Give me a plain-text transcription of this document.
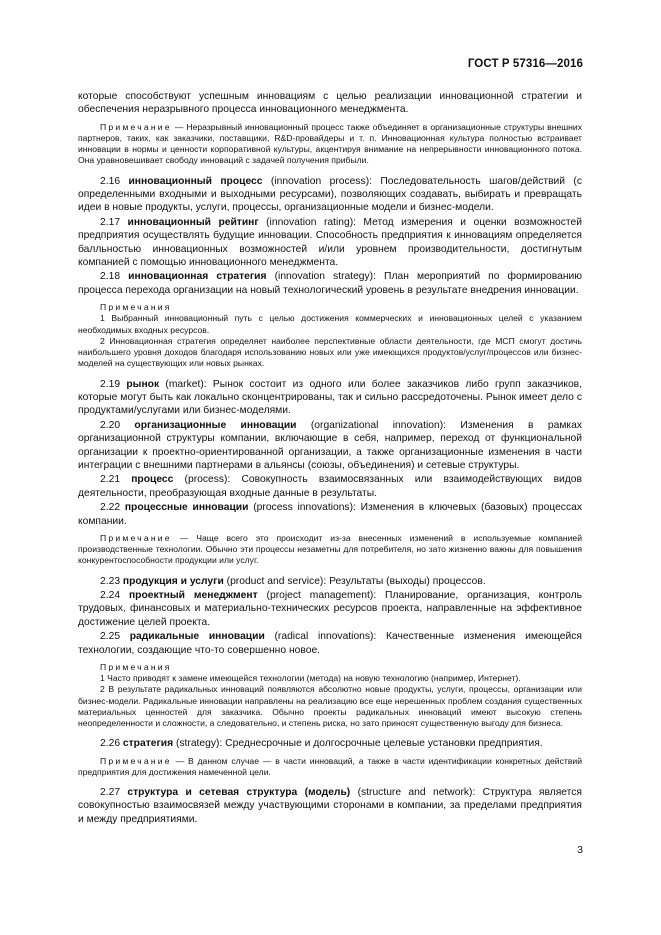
ГОСТ Р 57316—2016

которые способствуют успешным инновациям с целью реализации инновационной стратегии и обеспечения неразрывного процесса инновационного менеджмента.

Примечание — Неразрывный инновационный процесс также объединяет в организационные структуры внешних партнеров, таких, как заказчики, поставщики, R&D-провайдеры и т. п. Инновационная культура полностью встраивает инновации в нормы и ценности корпоративной культуры, акцентируя внимание на непрерывности инновационного потока. Она уравновешивает свободу инноваций с задачей получения прибыли.

2.16 инновационный процесс (innovation process): Последовательность шагов/действий (с определенными входными и выходными ресурсами), позволяющих создавать, выбирать и превращать идеи в новые продукты, услуги, процессы, организационные модели и бизнес-модели.

2.17 инновационный рейтинг (innovation rating): Метод измерения и оценки возможностей предприятия осуществлять будущие инновации. Способность предприятия к инновациям определяется балльностью инновационных возможностей и/или уровнем производительности, достигнутым компанией с помощью инновационного менеджмента.

2.18 инновационная стратегия (innovation strategy): План мероприятий по формированию процесса перехода организации на новый технологический уровень в результате внедрения инновации.

Примечания

1 Выбранный инновационный путь с целью достижения коммерческих и инновационных целей с указанием необходимых входных ресурсов.

2 Инновационная стратегия определяет наиболее перспективные области деятельности, где МСП смогут достичь наибольшего уровня доходов благодаря использованию новых или уже имеющихся продуктов/услуг/процессов или бизнес-моделей на существующих или новых рынках.

2.19 рынок (market): Рынок состоит из одного или более заказчиков либо групп заказчиков, которые могут быть как локально сконцентрированы, так и сильно рассредоточены. Рынок имеет дело с продуктами/услугами или бизнес-моделями.

2.20 организационные инновации (organizational innovation): Изменения в рамках организационной структуры компании, включающие в себя, например, переход от функциональной организации к проектно-ориентированной организации, а также организационные изменения в части интеграции с внешними партнерами в альянсы (союзы, объединения) и сетевые структуры.

2.21 процесс (process): Совокупность взаимосвязанных или взаимодействующих видов деятельности, преобразующая входные данные в результаты.

2.22 процессные инновации (process innovations): Изменения в ключевых (базовых) процессах компании.

Примечание — Чаще всего это происходит из-за внесенных изменений в используемые компанией производственные технологии. Обычно эти процессы незаметны для потребителя, но зато жизненно важны для повышения конкурентоспособности продукции или услуг.

2.23 продукция и услуги (product and service): Результаты (выходы) процессов.

2.24 проектный менеджмент (project management): Планирование, организация, контроль трудовых, финансовых и материально-технических ресурсов проекта, направленные на эффективное достижение целей проекта.

2.25 радикальные инновации (radical innovations): Качественные изменения имеющейся технологии, создающие что-то совершенно новое.

Примечания

1 Часто приводят к замене имеющейся технологии (метода) на новую технологию (например, Интернет).

2 В результате радикальных инноваций появляются абсолютно новые продукты, услуги, процессы, организации или бизнес-модели. Радикальные инновации направлены на реализацию все еще нерешенных проблем создания существенных материальных ценностей для заказчика. Обычно проекты радикальных инноваций имеют высокую степень неопределенности и сложности, а следовательно, и степень риска, но зато приносят существенную выгоду для бизнеса.

2.26 стратегия (strategy): Среднесрочные и долгосрочные целевые установки предприятия.

Примечание — В данном случае — в части инноваций, а также в части идентификации конкретных действий предприятия для достижения намеченной цели.

2.27 структура и сетевая структура (модель) (structure and network): Структура является совокупностью взаимосвязей между участвующими сторонами в компании, за пределами предприятия и между предприятиями.

3
